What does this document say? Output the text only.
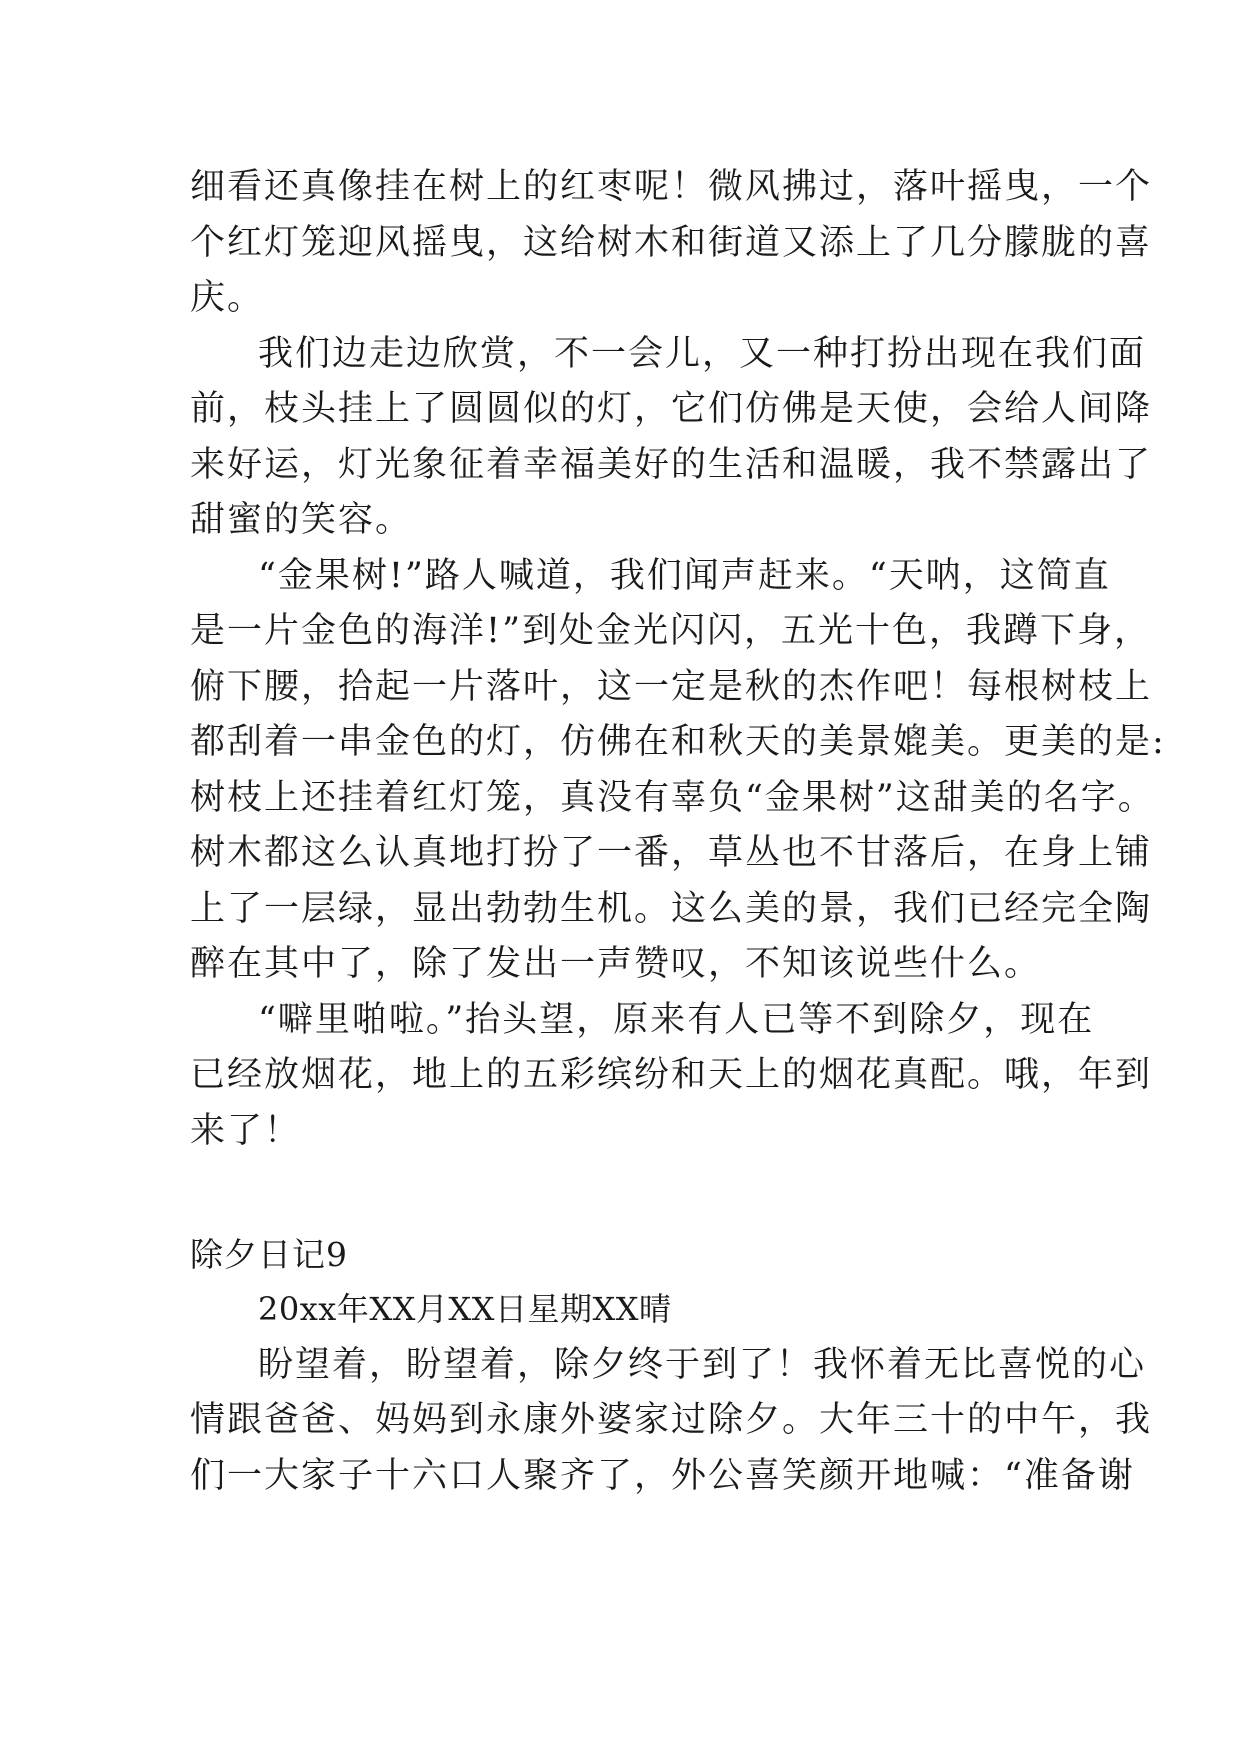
细看还真像挂在树上的红枣呢！微风拂过，落叶摇曳，一个
个红灯笼迎风摇曳，这给树木和街道又添上了几分朦胧的喜
庆。
我们边走边欣赏，不一会儿，又一种打扮出现在我们面
前，枝头挂上了圆圆似的灯，它们仿佛是天使，会给人间降
来好运，灯光象征着幸福美好的生活和温暖，我不禁露出了
甜蜜的笑容。
“金果树!”路人喊道，我们闻声赶来。“天呐，这简直
是一片金色的海洋!”到处金光闪闪，五光十色，我蹲下身，
俯下腰，拾起一片落叶，这一定是秋的杰作吧！每根树枝上
都刮着一串金色的灯，仿佛在和秋天的美景媲美。更美的是:
树枝上还挂着红灯笼，真没有辜负“金果树”这甜美的名字。
树木都这么认真地打扮了一番，草丛也不甘落后，在身上铺
上了一层绿，显出勃勃生机。这么美的景，我们已经完全陶
醉在其中了，除了发出一声赞叹，不知该说些什么。
“噼里啪啦。”抬头望，原来有人已等不到除夕，现在
已经放烟花，地上的五彩缤纷和天上的烟花真配。哦，年到
来了！
除夕日记9
20xx年XX月XX日星期XX晴
盼望着，盼望着，除夕终于到了！我怀着无比喜悦的心
情跟爸爸、妈妈到永康外婆家过除夕。大年三十的中午，我
们一大家子十六口人聚齐了，外公喜笑颜开地喊：“准备谢
